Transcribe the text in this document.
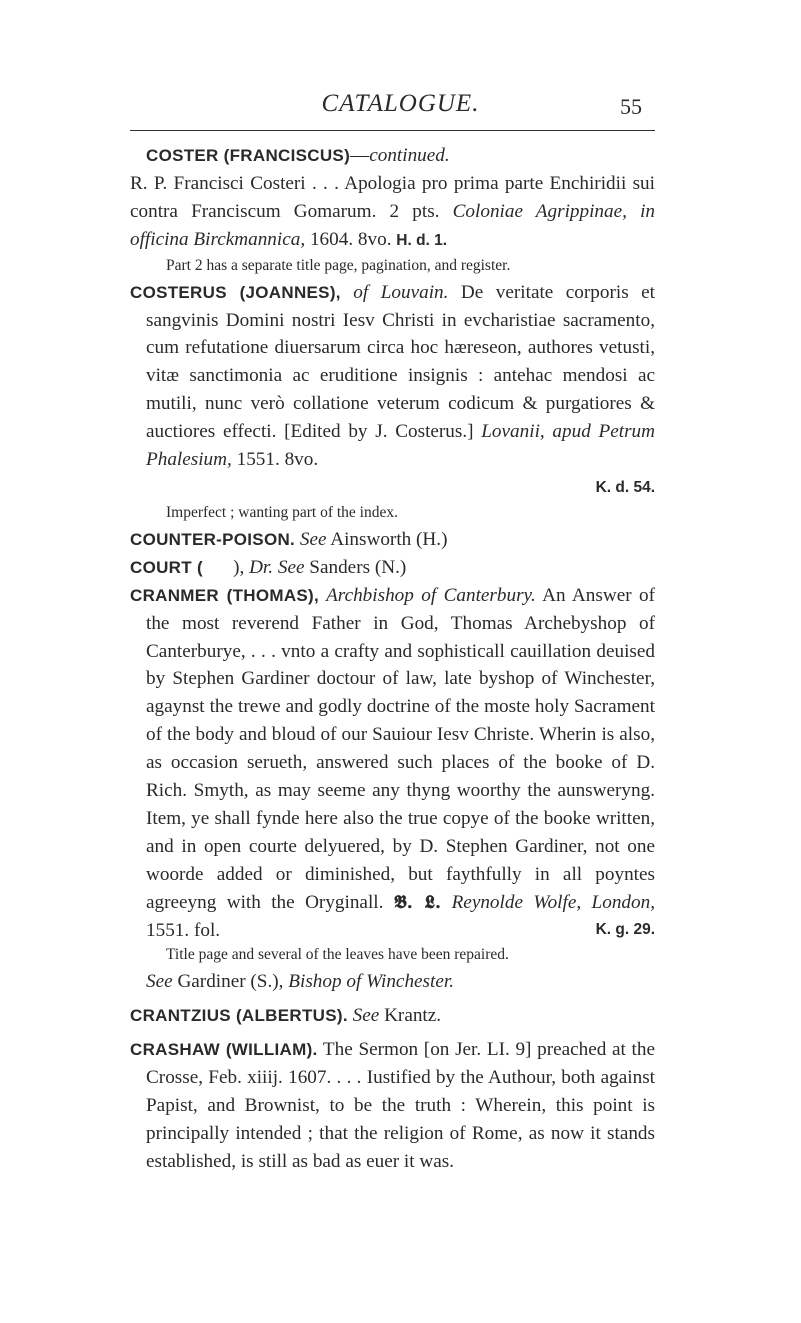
CATALOGUE.	55

COSTER (FRANCISCUS)—continued.
R. P. Francisci Costeri . . . Apologia pro prima parte Enchiridii sui contra Franciscum Gomarum. 2 pts. Coloniae Agrippinae, in officina Birckmannica, 1604. 8vo. H. d. 1.

Part 2 has a separate title page, pagination, and register.

COSTERUS (JOANNES), of Louvain. De veritate corporis et sangvinis Domini nostri Iesv Christi in evcharistiae sacramento, cum refutatione diuersarum circa hoc hæreseon, authores vetusti, vitæ sanctimonia ac eruditione insignis : antehac mendosi ac mutili, nunc verò collatione veterum codicum & purgatiores & auctiores effecti. [Edited by J. Costerus.] Lovanii, apud Petrum Phalesium, 1551. 8vo.
K. d. 54.

Imperfect ; wanting part of the index.

COUNTER-POISON. See Ainsworth (H.)

COURT ( ), Dr. See Sanders (N.)

CRANMER (THOMAS), Archbishop of Canterbury. An Answer of the most reverend Father in God, Thomas Archebyshop of Canterburye, . . . vnto a crafty and sophisticall cauillation deuised by Stephen Gardiner doctour of law, late byshop of Winchester, agaynst the trewe and godly doctrine of the moste holy Sacrament of the body and bloud of our Sauiour Iesv Christe. Wherin is also, as occasion seruеth, answered such places of the booke of D. Rich. Smyth, as may seeme any thyng woorthy the aunsweryng. Item, ye shall fynde here also the true copye of the booke written, and in open courte delyuered, by D. Stephen Gardiner, not one woorde added or diminished, but faythfully in all poyntes agreeyng with the Oryginall. 𝕭. 𝕷. Reynolde Wolfe, London, 1551. fol.	K. g. 29.

Title page and several of the leaves have been repaired.

See Gardiner (S.), Bishop of Winchester.

CRANTZIUS (ALBERTUS). See Krantz.

CRASHAW (WILLIAM). The Sermon [on Jer. LI. 9] preached at the Crosse, Feb. xiiij. 1607. . . . Iustified by the Authour, both against Papist, and Brownist, to be the truth : Wherein, this point is principally intended ; that the religion of Rome, as now it stands established, is still as bad as euer it was.
